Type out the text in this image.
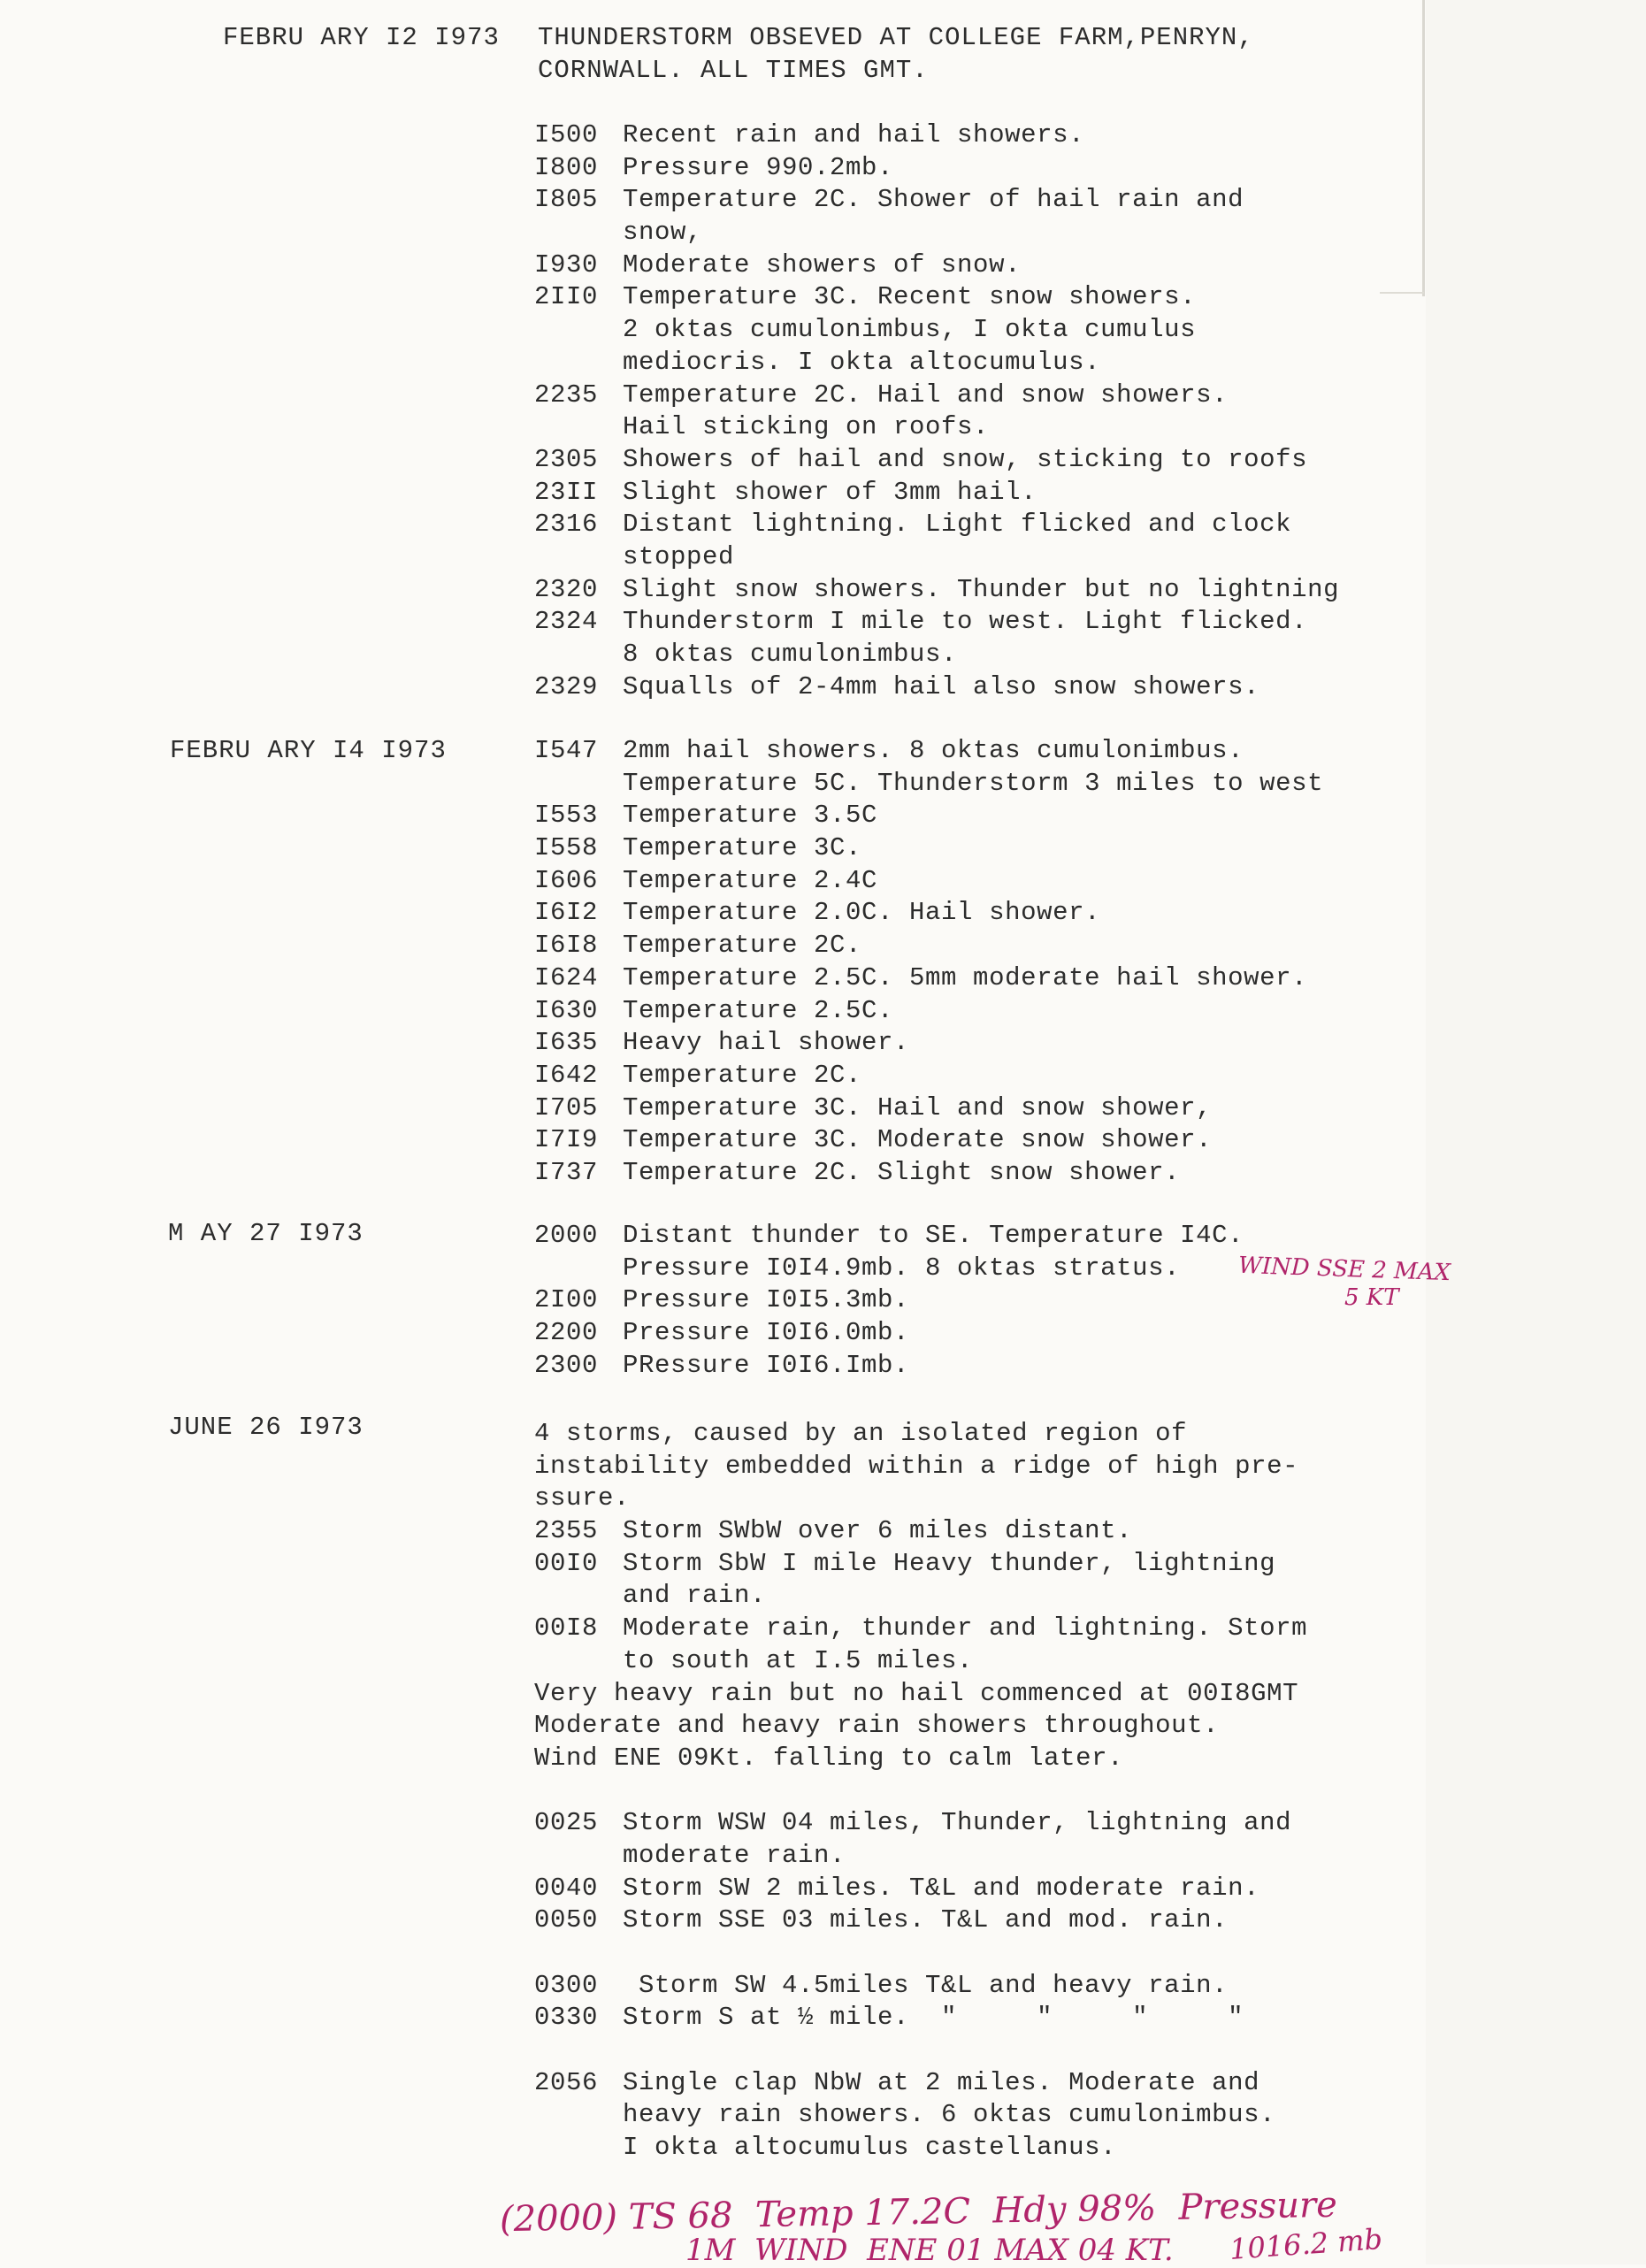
FEBRU ARY I2 I973 THUNDERSTORM OBSEVED AT COLLEGE FARM,PENRYN,
CORNWALL. ALL TIMES GMT.
I500 Recent rain and hail showers.
I800 Pressure 990.2mb.
I805 Temperature 2C. Shower of hail rain and
snow,
I930 Moderate showers of snow.
2II0 Temperature 3C. Recent snow showers.
2 oktas cumulonimbus, I okta cumulus
mediocris. I okta altocumulus.
2235 Temperature 2C. Hail and snow showers.
Hail sticking on roofs.
2305 Showers of hail and snow, sticking to roofs
23II Slight shower of 3mm hail.
2316 Distant lightning. Light flicked and clock
stopped
2320 Slight snow showers. Thunder but no lightning
2324 Thunderstorm I mile to west. Light flicked.
8 oktas cumulonimbus.
2329 Squalls of 2-4mm hail also snow showers.
FEBRU ARY I4 I973	I547 2mm hail showers. 8 oktas cumulonimbus.
Temperature 5C. Thunderstorm 3 miles to west
I553 Temperature 3.5C
I558 Temperature 3C.
I606 Temperature 2.4C
I6I2 Temperature 2.0C. Hail shower.
I6I8 Temperature 2C.
I624 Temperature 2.5C. 5mm moderate hail shower.
I630 Temperature 2.5C.
I635 Heavy hail shower.
I642 Temperature 2C.
I705 Temperature 3C. Hail and snow shower,
I7I9 Temperature 3C. Moderate snow shower.
I737 Temperature 2C. Slight snow shower.
M AY 27 I973	2000 Distant thunder to SE. Temperature I4C.
Pressure I0I4.9mb. 8 oktas stratus.
2I00 Pressure I0I5.3mb.
2200 Pressure I0I6.0mb.
2300 PRessure I0I6.Imb.
JUNE 26 I973	4 storms, caused by an isolated region of
instability embedded within a ridge of high pre-
ssure.
2355 Storm SWbW over 6 miles distant.
00I0 Storm SbW I mile Heavy thunder, lightning
and rain.
00I8 Moderate rain, thunder and lightning. Storm
to south at I.5 miles.
Very heavy rain but no hail commenced at 00I8GMT
Moderate and heavy rain showers throughout.
Wind ENE 09Kt. falling to calm later.
0025 Storm WSW 04 miles, Thunder, lightning and
moderate rain.
0040 Storm SW 2 miles. T&L and moderate rain.
0050 Storm SSE 03 miles. T&L and mod. rain.
0300 Storm SW 4.5miles T&L and heavy rain.
0330 Storm S at ½ mile.  "     "     "     "
2056 Single clap NbW at 2 miles. Moderate and
heavy rain showers. 6 oktas cumulonimbus.
I okta altocumulus castellanus.
WIND SSE 2 MAX
5 KT
(2000) TS 68  Temp 17.2C  Hdy 98%  Pressure
1016.2 mb
1M  WIND  ENE 01 MAX 04 KT.
